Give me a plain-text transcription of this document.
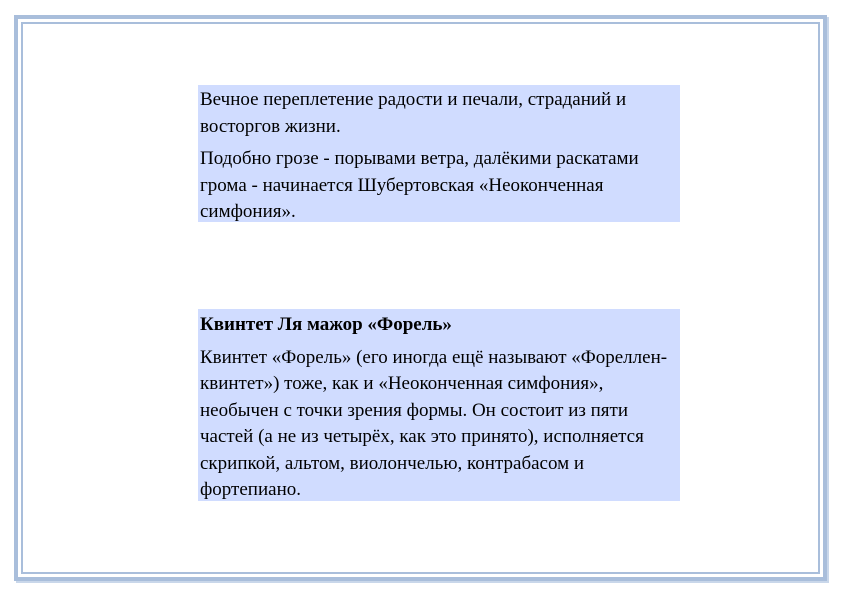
Вечное переплетение радости и печали, страданий и восторгов жизни.

Подобно грозе - порывами ветра, далёкими раскатами грома - начинается Шубертовская «Неоконченная симфония».

Квинтет Ля мажор «Форель»

Квинтет «Форель» (его иногда ещё называют «Фореллен-квинтет») тоже, как и «Неоконченная симфония», необычен с точки зрения формы. Он состоит из пяти частей (а не из четырёх, как это принято), исполняется скрипкой, альтом, виолончелью, контрабасом и фортепиано.
